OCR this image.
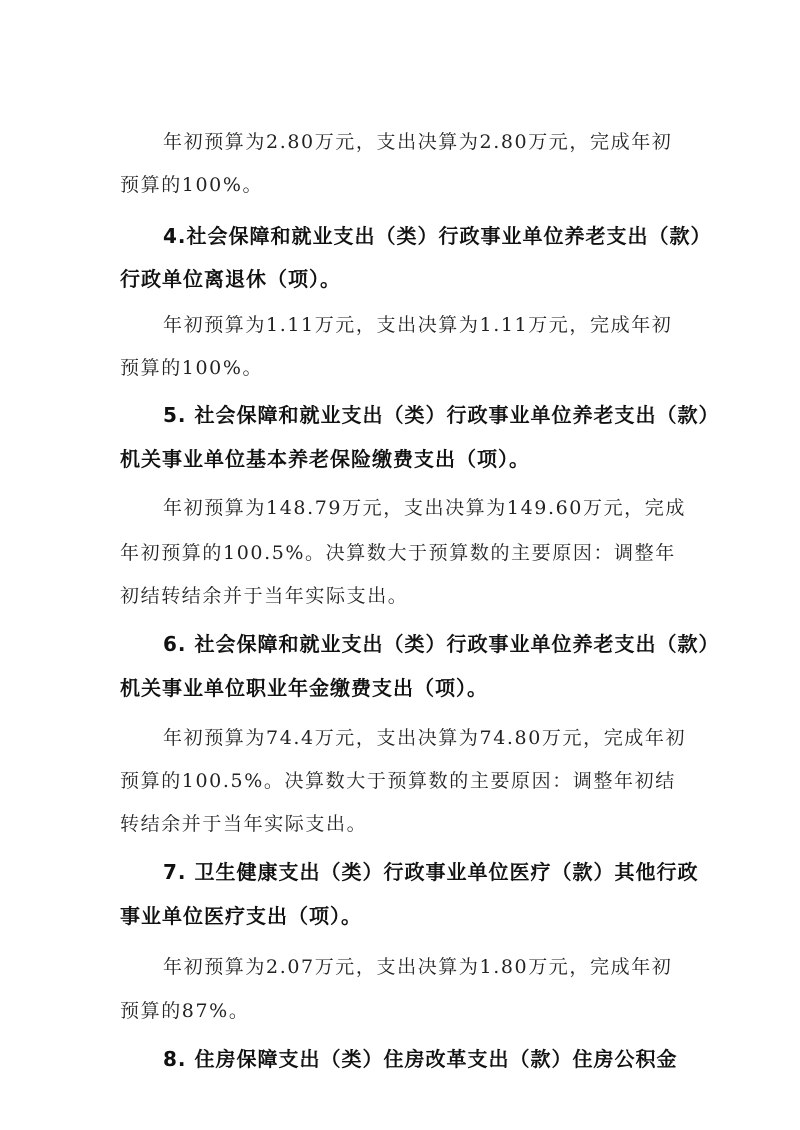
年初预算为2.80万元，支出决算为2.80万元，完成年初
预算的100%。
4.社会保障和就业支出（类）行政事业单位养老支出（款）
行政单位离退休（项）。
年初预算为1.11万元，支出决算为1.11万元，完成年初
预算的100%。
5. 社会保障和就业支出（类）行政事业单位养老支出（款）
机关事业单位基本养老保险缴费支出（项）。
年初预算为148.79万元，支出决算为149.60万元，完成
年初预算的100.5%。决算数大于预算数的主要原因：调整年
初结转结余并于当年实际支出。
6. 社会保障和就业支出（类）行政事业单位养老支出（款）
机关事业单位职业年金缴费支出（项）。
年初预算为74.4万元，支出决算为74.80万元，完成年初
预算的100.5%。决算数大于预算数的主要原因：调整年初结
转结余并于当年实际支出。
7. 卫生健康支出（类）行政事业单位医疗（款）其他行政
事业单位医疗支出（项）。
年初预算为2.07万元，支出决算为1.80万元，完成年初
预算的87%。
8. 住房保障支出（类）住房改革支出（款）住房公积金
